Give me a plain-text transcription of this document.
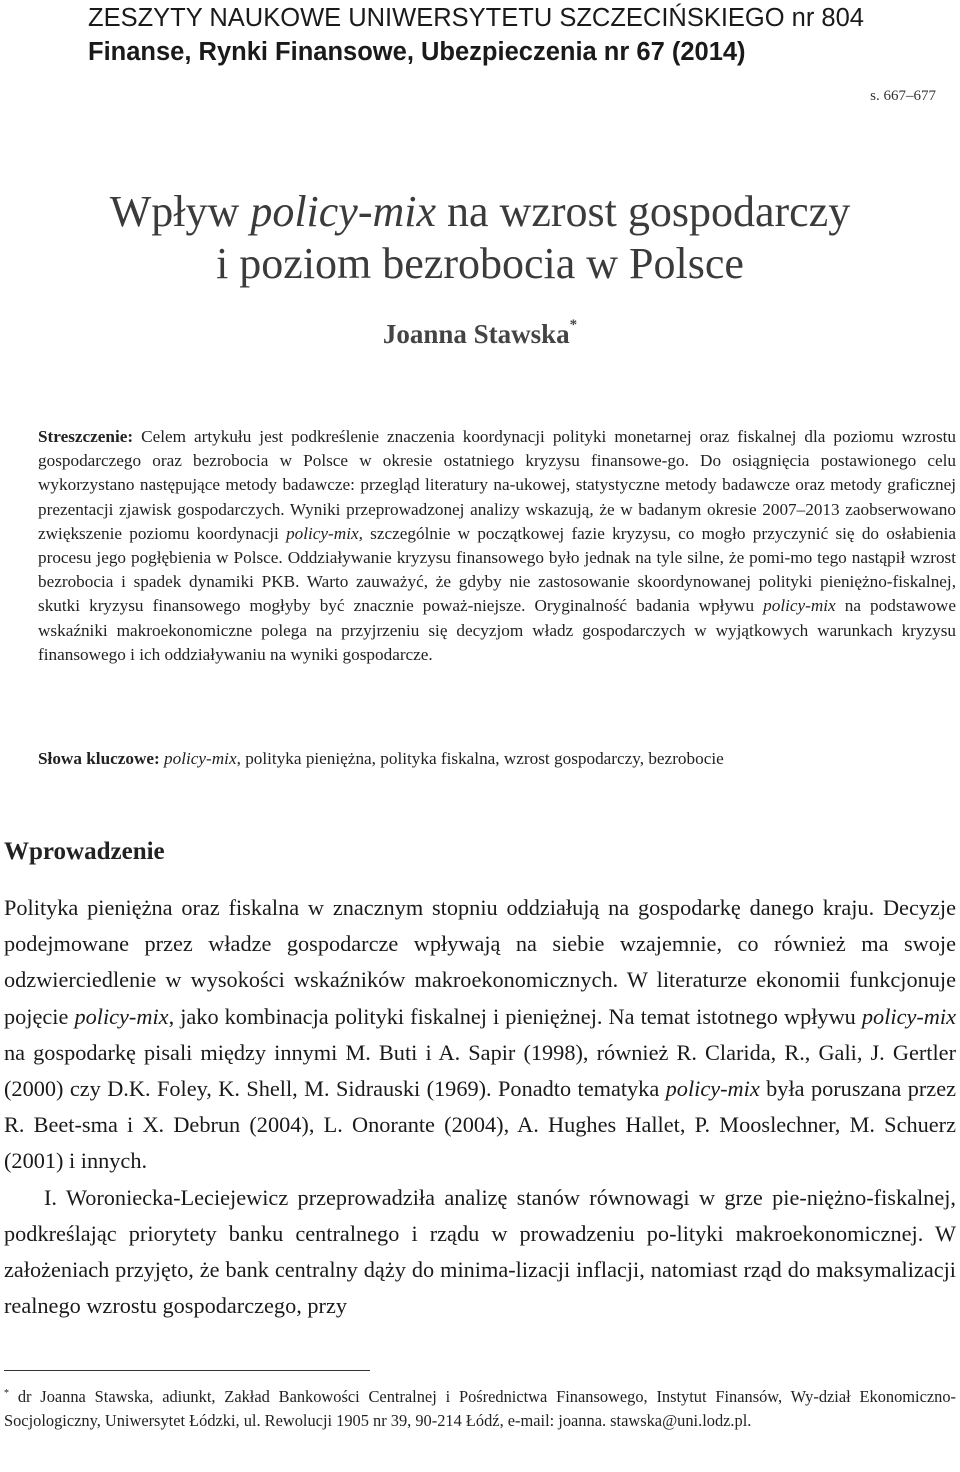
ZESZYTY NAUKOWE UNIWERSYTETU SZCZECIŃSKIEGO nr 804
Finanse, Rynki Finansowe, Ubezpieczenia nr 67 (2014)
s. 667–677
Wpływ policy-mix na wzrost gospodarczy
i poziom bezrobocia w Polsce
Joanna Stawska*

Streszczenie: Celem artykułu jest podkreślenie znaczenia koordynacji polityki monetarnej oraz fiskalnej dla poziomu wzrostu gospodarczego oraz bezrobocia w Polsce w okresie ostatniego kryzysu finansowe-go. Do osiągnięcia postawionego celu wykorzystano następujące metody badawcze: przegląd literatury na-ukowej, statystyczne metody badawcze oraz metody graficznej prezentacji zjawisk gospodarczych. Wyniki przeprowadzonej analizy wskazują, że w badanym okresie 2007–2013 zaobserwowano zwiększenie poziomu koordynacji policy-mix, szczególnie w początkowej fazie kryzysu, co mogło przyczynić się do osłabienia procesu jego pogłębienia w Polsce. Oddziaływanie kryzysu finansowego było jednak na tyle silne, że pomi-mo tego nastąpił wzrost bezrobocia i spadek dynamiki PKB. Warto zauważyć, że gdyby nie zastosowanie skoordynowanej polityki pieniężno-fiskalnej, skutki kryzysu finansowego mogłyby być znacznie poważ-niejsze. Oryginalność badania wpływu policy-mix na podstawowe wskaźniki makroekonomiczne polega na przyjrzeniu się decyzjom władz gospodarczych w wyjątkowych warunkach kryzysu finansowego i ich oddziaływaniu na wyniki gospodarcze.

Słowa kluczowe: policy-mix, polityka pieniężna, polityka fiskalna, wzrost gospodarczy, bezrobocie
Wprowadzenie

Polityka pieniężna oraz fiskalna w znacznym stopniu oddziałują na gospodarkę danego kraju. Decyzje podejmowane przez władze gospodarcze wpływają na siebie wzajemnie, co również ma swoje odzwierciedlenie w wysokości wskaźników makroekonomicznych. W literaturze ekonomii funkcjonuje pojęcie policy-mix, jako kombinacja polityki fiskalnej i pieniężnej. Na temat istotnego wpływu policy-mix na gospodarkę pisali między innymi M. Buti i A. Sapir (1998), również R. Clarida, R., Gali, J. Gertler (2000) czy D.K. Foley, K. Shell, M. Sidrauski (1969). Ponadto tematyka policy-mix była poruszana przez R. Beet-sma i X. Debrun (2004), L. Onorante (2004), A. Hughes Hallet, P. Mooslechner, M. Schuerz (2001) i innych.

I. Woroniecka-Leciejewicz przeprowadziła analizę stanów równowagi w grze pie-niężno-fiskalnej, podkreślając priorytety banku centralnego i rządu w prowadzeniu po-lityki makroekonomicznej. W założeniach przyjęto, że bank centralny dąży do minima-lizacji inflacji, natomiast rząd do maksymalizacji realnego wzrostu gospodarczego, przy

* dr Joanna Stawska, adiunkt, Zakład Bankowości Centralnej i Pośrednictwa Finansowego, Instytut Finansów, Wy-dział Ekonomiczno-Socjologiczny, Uniwersytet Łódzki, ul. Rewolucji 1905 nr 39, 90-214 Łódź, e-mail: joanna. stawska@uni.lodz.pl.
